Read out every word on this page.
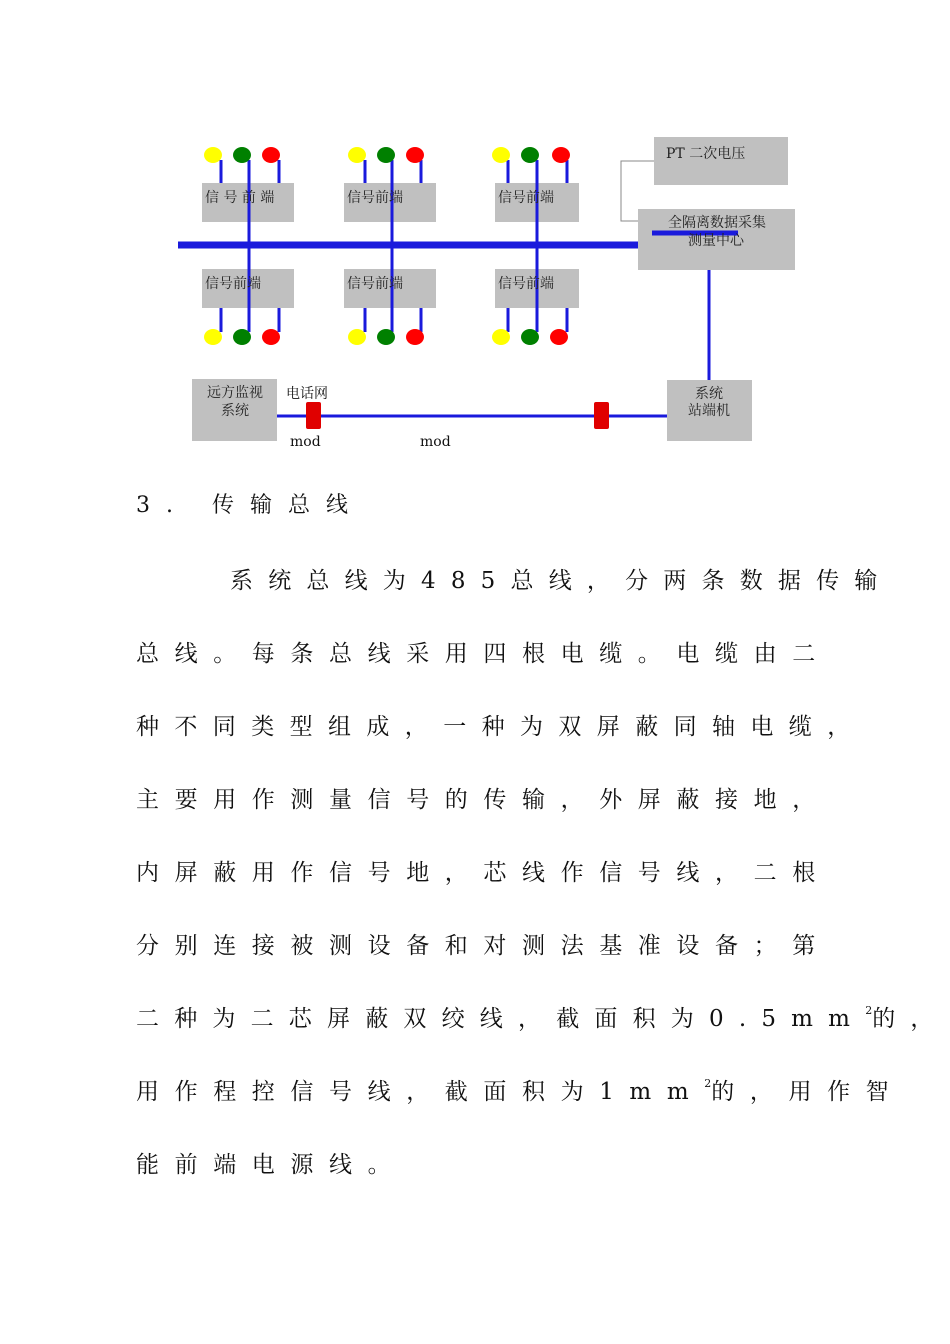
信 号 前 端	信号前端	信号前端
信号前端	信号前端	信号前端
PT 二次电压
全隔离数据采集
测量中心
系统
站端机
远方监视
系统
电话网
mod	mod
3. 传输总线

系统总线为485总线，分两条数据传输

总线。每条总线采用四根电缆。电缆由二

种不同类型组成，一种为双屏蔽同轴电缆，

主要用作测量信号的传输，外屏蔽接地，

内屏蔽用作信号地，芯线作信号线，二根

分别连接被测设备和对测法基准设备；第

二种为二芯屏蔽双绞线，截面积为$0.5mm^2$的，

用作程控信号线，截面积为$1mm^2$的，用作智

能前端电源线。
